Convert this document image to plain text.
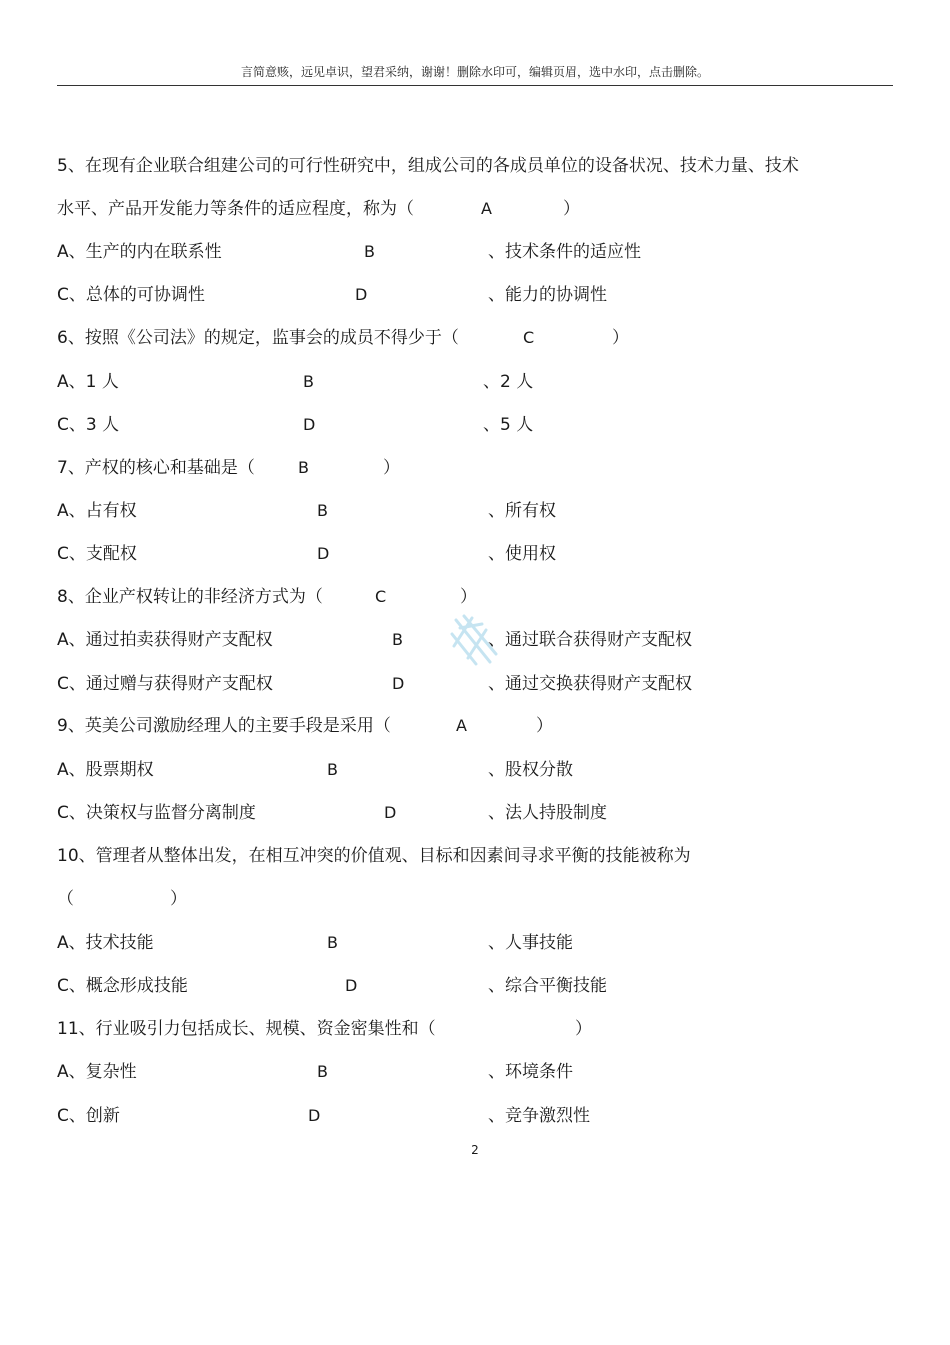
言简意赅，远见卓识，望君采纳，谢谢！删除水印可，编辑页眉，选中水印，点击删除。
5、在现有企业联合组建公司的可行性研究中，组成公司的各成员单位的设备状况、技术力量、技术
水平、产品开发能力等条件的适应程度，称为（	A	）
A、生产的内在联系性	B	、技术条件的适应性
C、总体的可协调性	D	、能力的协调性
6、按照《公司法》的规定，监事会的成员不得少于（	C	）
A、1 人	B	、2 人
C、3 人	D	、5 人
7、产权的核心和基础是（	B	）
A、占有权	B	、所有权
C、支配权	D	、使用权
8、企业产权转让的非经济方式为（	C	）
A、通过拍卖获得财产支配权	B	、通过联合获得财产支配权
C、通过赠与获得财产支配权	D	、通过交换获得财产支配权
9、英美公司激励经理人的主要手段是采用（	A	）
A、股票期权	B	、股权分散
C、决策权与监督分离制度	D	、法人持股制度
10、管理者从整体出发，在相互冲突的价值观、目标和因素间寻求平衡的技能被称为
（	）
A、技术技能	B	、人事技能
C、概念形成技能	D	、综合平衡技能
11、行业吸引力包括成长、规模、资金密集性和（	）
A、复杂性	B	、环境条件
C、创新	D	、竞争激烈性
2
